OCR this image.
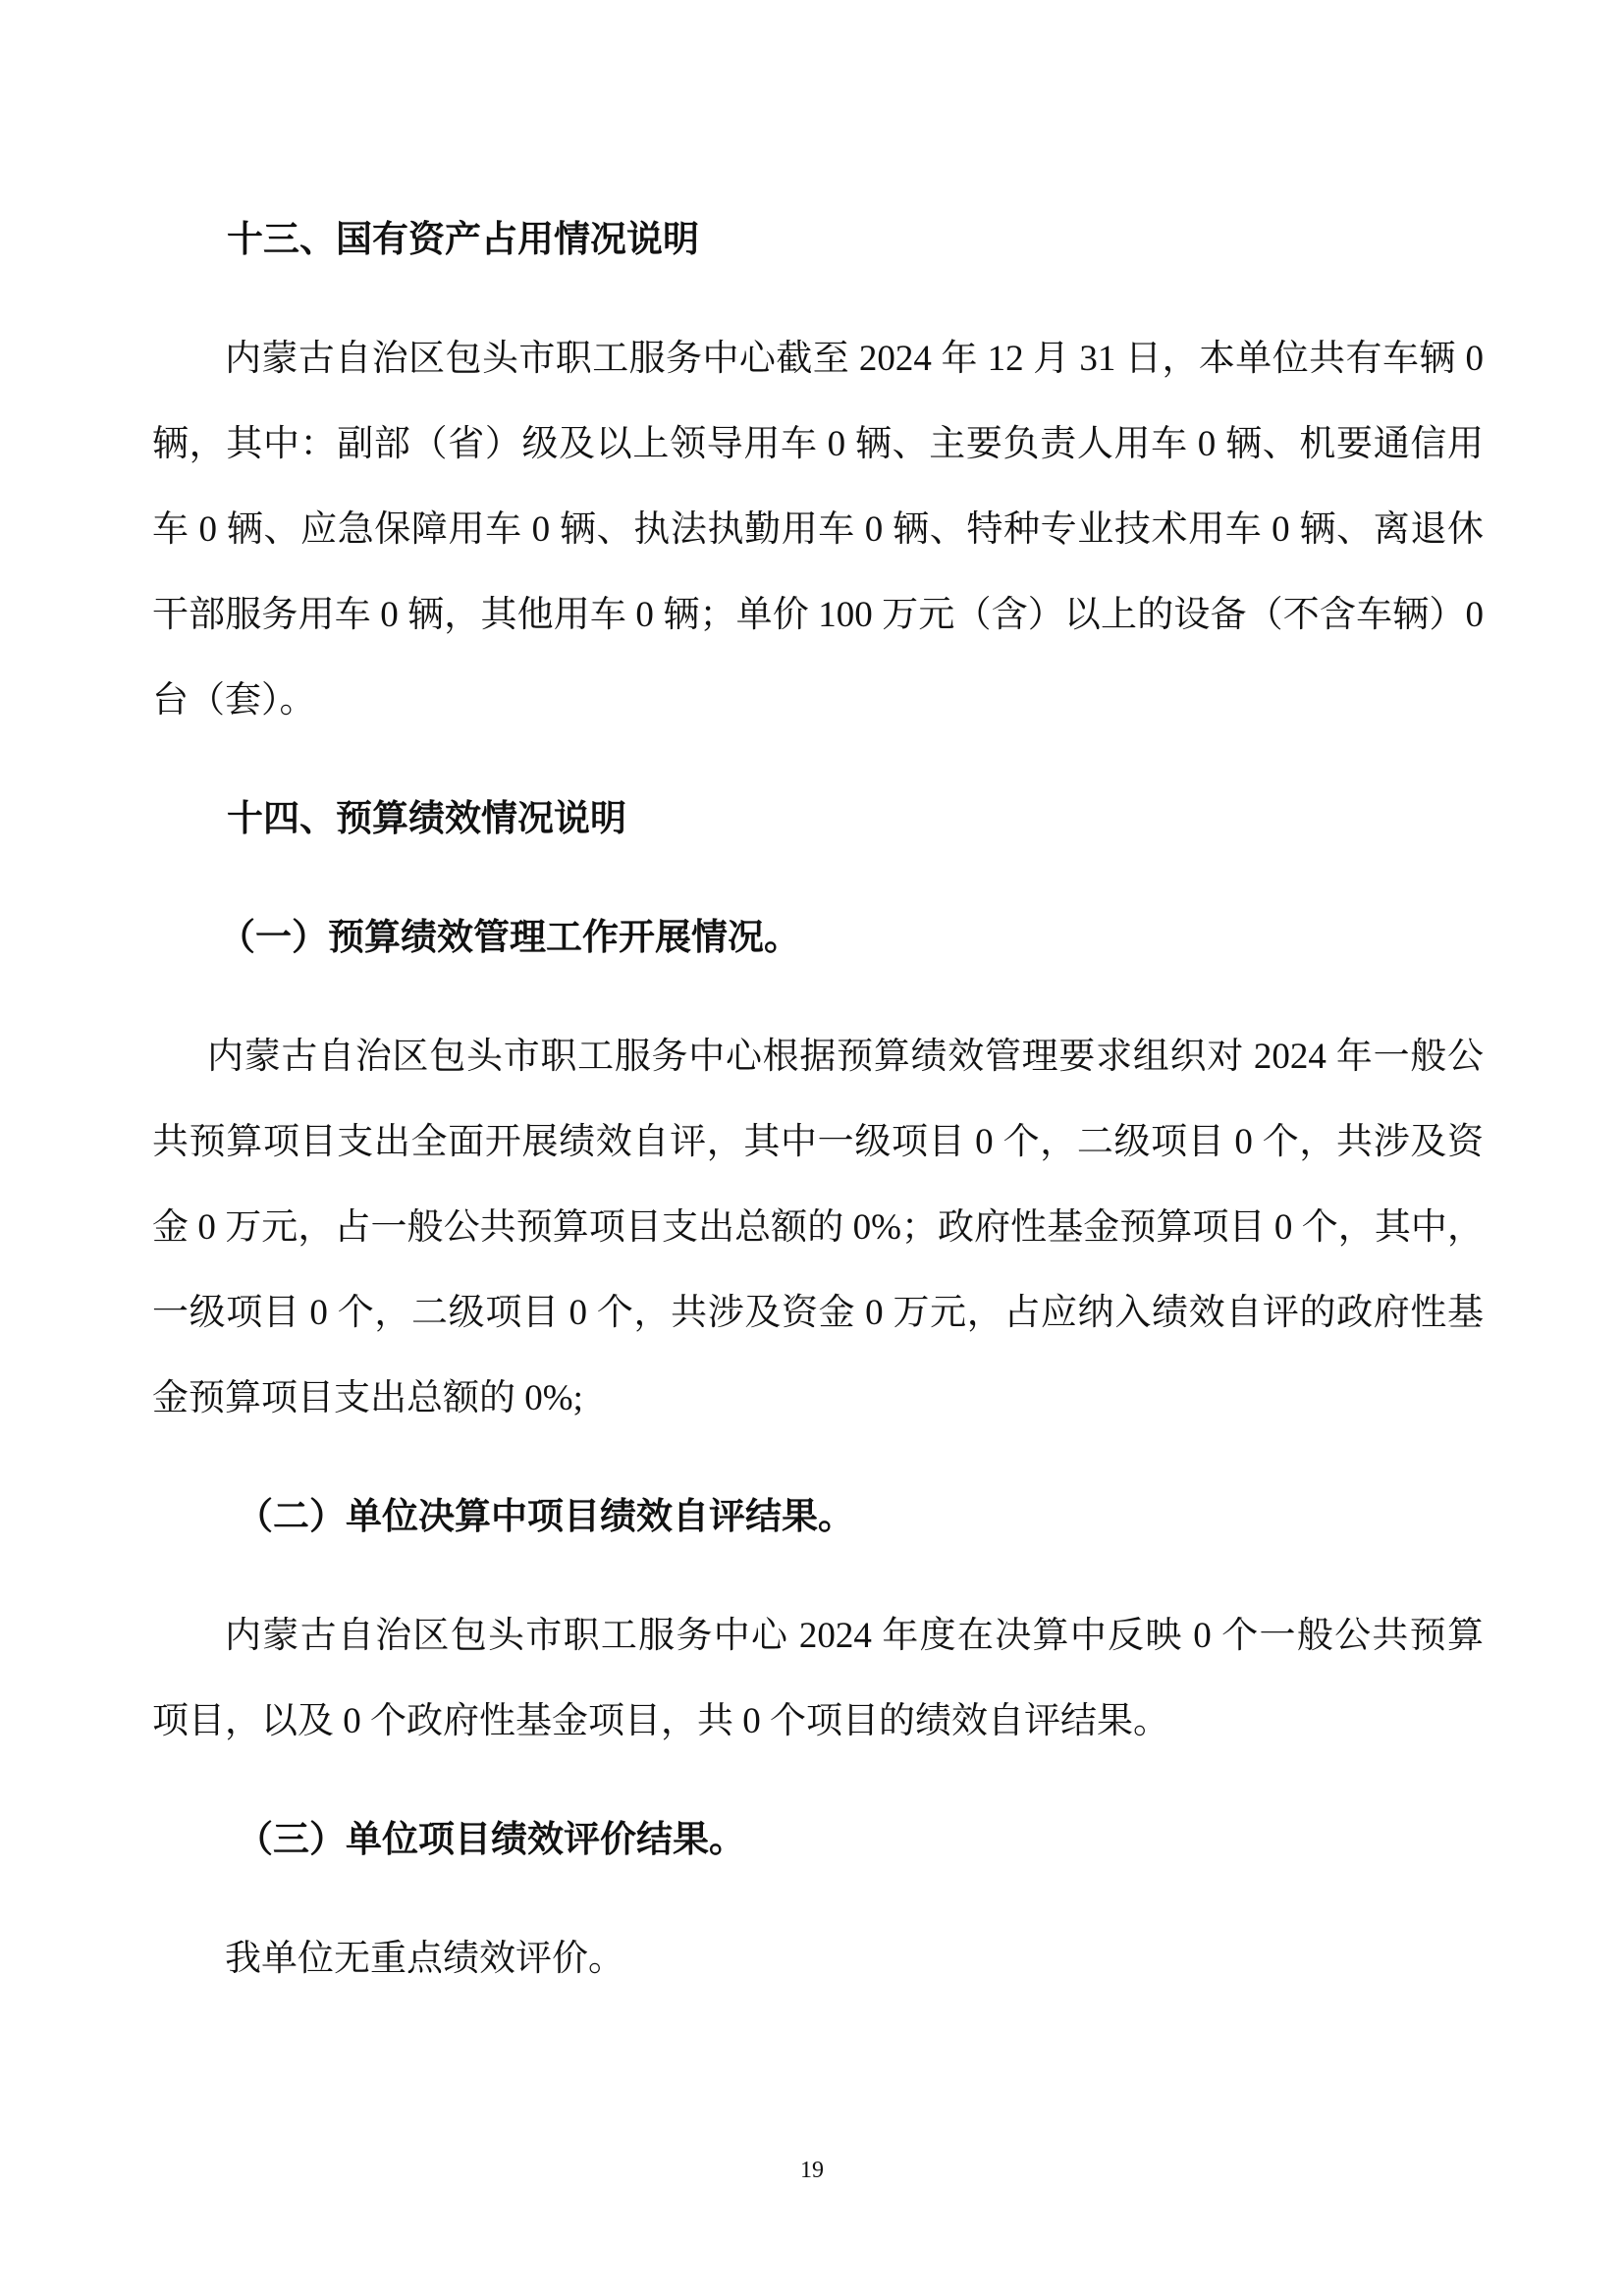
十三、国有资产占用情况说明
内蒙古自治区包头市职工服务中心截至 2024 年 12 月 31 日，本单位共有车辆 0
辆，其中：副部（省）级及以上领导用车 0 辆、主要负责人用车 0 辆、机要通信用
车 0 辆、应急保障用车 0 辆、执法执勤用车 0 辆、特种专业技术用车 0 辆、离退休
干部服务用车 0 辆，其他用车 0 辆；单价 100 万元（含）以上的设备（不含车辆）0
台（套）。
十四、预算绩效情况说明
（一）预算绩效管理工作开展情况。
内蒙古自治区包头市职工服务中心根据预算绩效管理要求组织对 2024 年一般公
共预算项目支出全面开展绩效自评，其中一级项目 0 个，二级项目 0 个，共涉及资
金 0 万元，占一般公共预算项目支出总额的 0%；政府性基金预算项目 0 个，其中，
一级项目 0 个，二级项目 0 个，共涉及资金 0 万元，占应纳入绩效自评的政府性基
金预算项目支出总额的 0%;
（二）单位决算中项目绩效自评结果。
内蒙古自治区包头市职工服务中心 2024 年度在决算中反映 0 个一般公共预算
项目，以及 0 个政府性基金项目，共 0 个项目的绩效自评结果。
（三）单位项目绩效评价结果。
我单位无重点绩效评价。
19
